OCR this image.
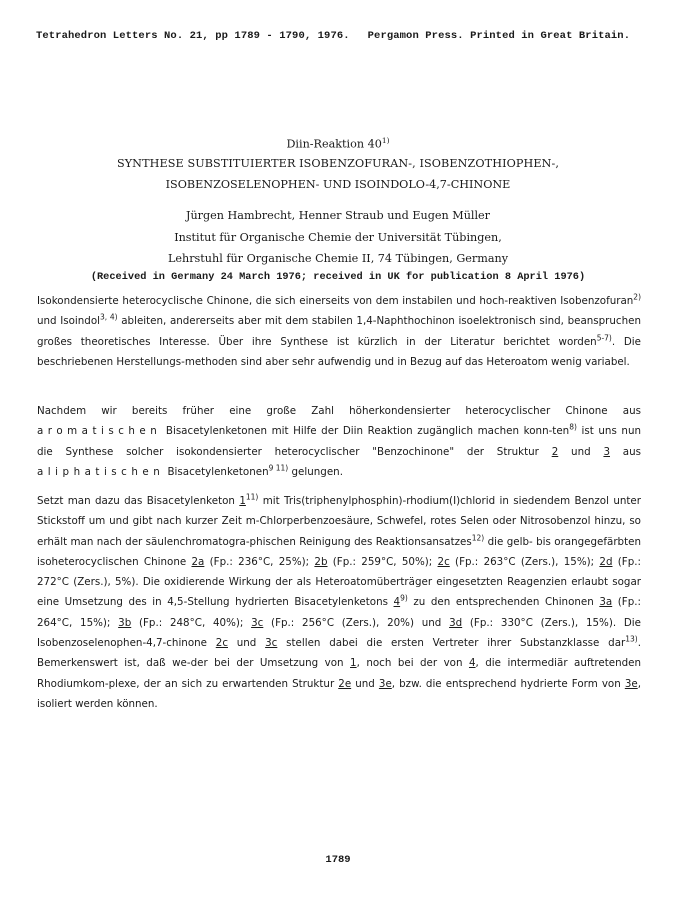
Tetrahedron Letters No. 21, pp 1789 - 1790, 1976. Pergamon Press. Printed in Great Britain.
Diin-Reaktion 40$^{1)}$
SYNTHESE SUBSTITUIERTER ISOBENZOFURAN-, ISOBENZOTHIOPHEN-,
ISOBENZOSELENOPHEN- UND ISOINDOLO-4,7-CHINONE
Jürgen Hambrecht, Henner Straub und Eugen Müller
Institut für Organische Chemie der Universität Tübingen,
Lehrstuhl für Organische Chemie II, 74 Tübingen, Germany
(Received in Germany 24 March 1976; received in UK for publication 8 April 1976)
Isokondensierte heterocyclische Chinone, die sich einerseits von dem instabilen und hoch-reaktiven Isobenzofuran$^{2)}$ und Isoindol$^{3, 4)}$ ableiten, andererseits aber mit dem stabilen 1,4-Naphthochinon isoelektronisch sind, beanspruchen großes theoretisches Interesse. Über ihre Synthese ist kürzlich in der Literatur berichtet worden$^{5-7)}$. Die beschriebenen Herstellungs-methoden sind aber sehr aufwendig und in Bezug auf das Heteroatom wenig variabel.
Nachdem wir bereits früher eine große Zahl höherkondensierter heterocyclischer Chinone aus aromatischen Bisacetylenketonen mit Hilfe der Diin Reaktion zugänglich machen konn-ten$^{8)}$ ist uns nun die Synthese solcher isokondensierter heterocyclischer "Benzochinone" der Struktur 2 und 3 aus aliphatischen Bisacetylenketonen$^{9 11)}$ gelungen.
Setzt man dazu das Bisacetylenketon 1$^{11)}$ mit Tris(triphenylphosphin)-rhodium(I)chlorid in siedendem Benzol unter Stickstoff um und gibt nach kurzer Zeit m-Chlorperbenzoesäure, Schwefel, rotes Selen oder Nitrosobenzol hinzu, so erhält man nach der säulenchromatogra-phischen Reinigung des Reaktionsansatzes$^{12)}$ die gelb- bis orangegefärbten isoheterocyclischen Chinone 2a (Fp.: 236°C, 25%); 2b (Fp.: 259°C, 50%); 2c (Fp.: 263°C (Zers.), 15%); 2d (Fp.: 272°C (Zers.), 5%). Die oxidierende Wirkung der als Heteroatomüberträger eingesetzten Reagenzien erlaubt sogar eine Umsetzung des in 4,5-Stellung hydrierten Bisacetylenketons 4$^{9)}$ zu den entsprechenden Chinonen 3a (Fp.: 264°C, 15%); 3b (Fp.: 248°C, 40%); 3c (Fp.: 256°C (Zers.), 20%) und 3d (Fp.: 330°C (Zers.), 15%). Die Isobenzoselenophen-4,7-chinone 2c und 3c stellen dabei die ersten Vertreter ihrer Substanzklasse dar$^{13)}$. Bemerkenswert ist, daß we-der bei der Umsetzung von 1, noch bei der von 4, die intermediär auftretenden Rhodiumkom-plexe, der an sich zu erwartenden Struktur 2e und 3e, bzw. die entsprechend hydrierte Form von 3e, isoliert werden können.
1789
